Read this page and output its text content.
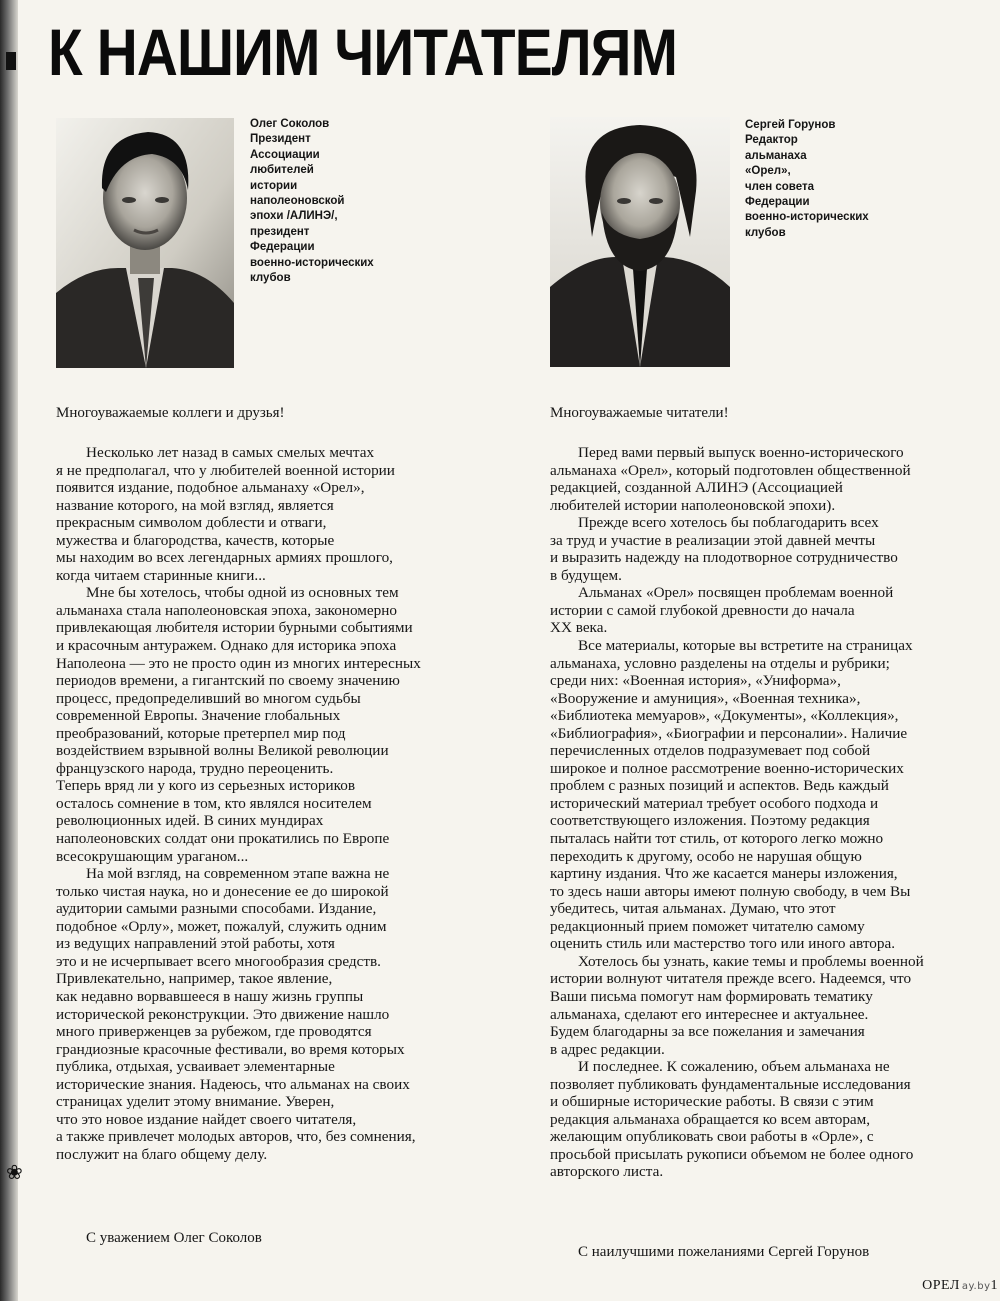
❀
К НАШИМ ЧИТАТЕЛЯМ
Олег Соколов
Президент
Ассоциации
любителей
истории
наполеоновской
эпохи /АЛИНЭ/,
президент
Федерации
военно-исторических
клубов
Сергей Горунов
Редактор
альманаха
«Орел»,
член совета
Федерации
военно-исторических
клубов
Многоуважаемые коллеги и друзья!	Многоуважаемые читатели!
Несколько лет назад в самых смелых мечтах
я не предполагал, что у любителей военной истории
появится издание, подобное альманаху «Орел»,
название которого, на мой взгляд, является
прекрасным символом доблести и отваги,
мужества и благородства, качеств, которые
мы находим во всех легендарных армиях прошлого,
когда читаем старинные книги...
Мне бы хотелось, чтобы одной из основных тем
альманаха стала наполеоновская эпоха, закономерно
привлекающая любителя истории бурными событиями
и красочным антуражем. Однако для историка эпоха
Наполеона — это не просто один из многих интересных
периодов времени, а гигантский по своему значению
процесс, предопределивший во многом судьбы
современной Европы. Значение глобальных
преобразований, которые претерпел мир под
воздействием взрывной волны Великой революции
французского народа, трудно переоценить.
Теперь вряд ли у кого из серьезных историков
осталось сомнение в том, кто являлся носителем
революционных идей. В синих мундирах
наполеоновских солдат они прокатились по Европе
всесокрушающим ураганом...
На мой взгляд, на современном этапе важна не
только чистая наука, но и донесение ее до широкой
аудитории самыми разными способами. Издание,
подобное «Орлу», может, пожалуй, служить одним
из ведущих направлений этой работы, хотя
это и не исчерпывает всего многообразия средств.
Привлекательно, например, такое явление,
как недавно ворвавшееся в нашу жизнь группы
исторической реконструкции. Это движение нашло
много приверженцев за рубежом, где проводятся
грандиозные красочные фестивали, во время которых
публика, отдыхая, усваивает элементарные
исторические знания. Надеюсь, что альманах на своих
страницах уделит этому внимание. Уверен,
что это новое издание найдет своего читателя,
а также привлечет молодых авторов, что, без сомнения,
послужит на благо общему делу.
Перед вами первый выпуск военно-исторического
альманаха «Орел», который подготовлен общественной
редакцией, созданной АЛИНЭ (Ассоциацией
любителей истории наполеоновской эпохи).
Прежде всего хотелось бы поблагодарить всех
за труд и участие в реализации этой давней мечты
и выразить надежду на плодотворное сотрудничество
в будущем.
Альманах «Орел» посвящен проблемам военной
истории с самой глубокой древности до начала
XX века.
Все материалы, которые вы встретите на страницах
альманаха, условно разделены на отделы и рубрики;
среди них: «Военная история», «Униформа»,
«Вооружение и амуниция», «Военная техника»,
«Библиотека мемуаров», «Документы», «Коллекция»,
«Библиография», «Биографии и персоналии». Наличие
перечисленных отделов подразумевает под собой
широкое и полное рассмотрение военно-исторических
проблем с разных позиций и аспектов. Ведь каждый
исторический материал требует особого подхода и
соответствующего изложения. Поэтому редакция
пыталась найти тот стиль, от которого легко можно
переходить к другому, особо не нарушая общую
картину издания. Что же касается манеры изложения,
то здесь наши авторы имеют полную свободу, в чем Вы
убедитесь, читая альманах. Думаю, что этот
редакционный прием поможет читателю самому
оценить стиль или мастерство того или иного автора.
Хотелось бы узнать, какие темы и проблемы военной
истории волнуют читателя прежде всего. Надеемся, что
Ваши письма помогут нам формировать тематику
альманаха, сделают его интереснее и актуальнее.
Будем благодарны за все пожелания и замечания
в адрес редакции.
И последнее. К сожалению, объем альманаха не
позволяет публиковать фундаментальные исследования
и обширные исторические работы. В связи с этим
редакция альманаха обращается ко всем авторам,
желающим опубликовать свои работы в «Орле», с
просьбой присылать рукописи объемом не более одного
авторского листа.
С уважением Олег Соколов
С наилучшими пожеланиями Сергей Горунов
ОРЕЛ ay.by1
